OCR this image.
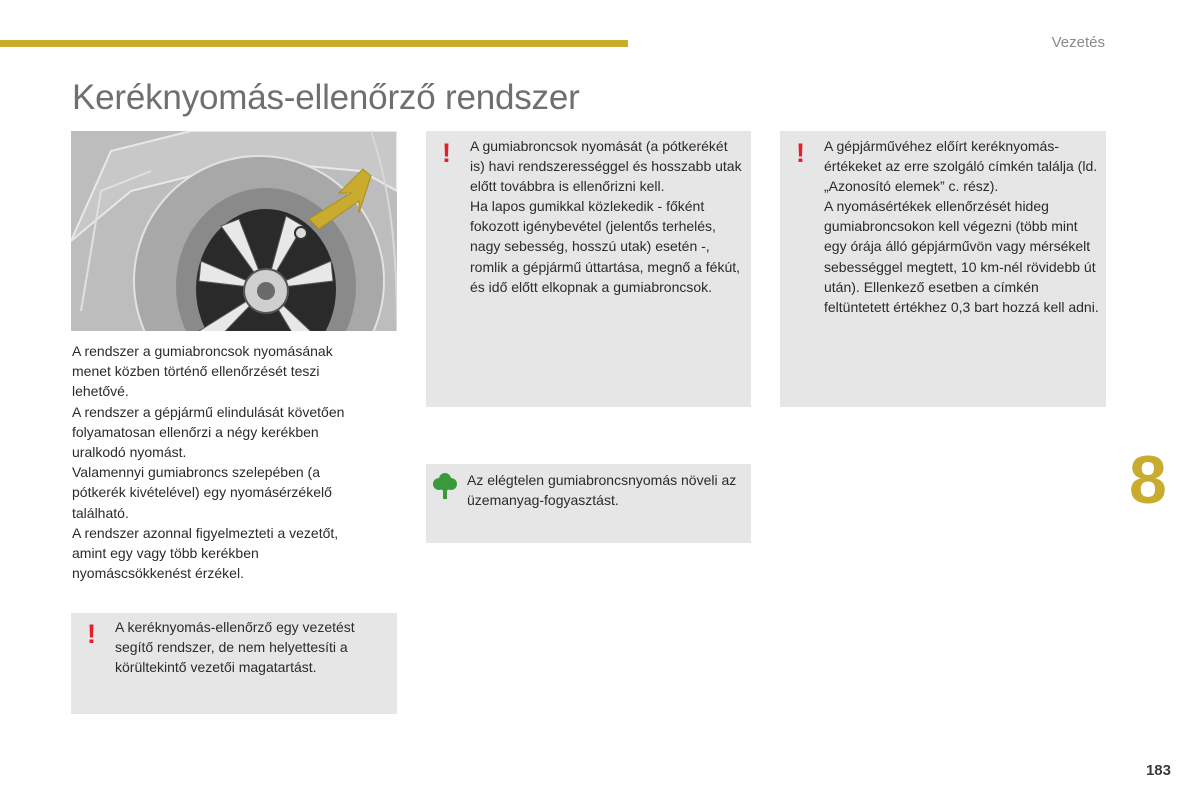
Vezetés
Keréknyomás-ellenőrző rendszer

A rendszer a gumiabroncsok nyomásának menet közben történő ellenőrzését teszi lehetővé.

A rendszer a gépjármű elindulását követően folyamatosan ellenőrzi a négy kerékben uralkodó nyomást.

Valamennyi gumiabroncs szelepében (a pótkerék kivételével) egy nyomásérzékelő található.

A rendszer azonnal figyelmezteti a vezetőt, amint egy vagy több kerékben nyomáscsökkenést érzékel.

! A keréknyomás-ellenőrző egy vezetést segítő rendszer, de nem helyettesíti a körültekintő vezetői magatartást.

! A gumiabroncsok nyomását (a pótkerékét is) havi rendszerességgel és hosszabb utak előtt továbbra is ellenőrizni kell.

Ha lapos gumikkal közlekedik - főként fokozott igénybevétel (jelentős terhelés, nagy sebesség, hosszú utak) esetén -, romlik a gépjármű úttartása, megnő a fékút, és idő előtt elkopnak a gumiabroncsok.

! A gépjárművéhez előírt keréknyomás-értékeket az erre szolgáló címkén találja (ld. „Azonosító elemek” c. rész).

A nyomásértékek ellenőrzését hideg gumiabroncsokon kell végezni (több mint egy órája álló gépjárművön vagy mérsékelt sebességgel megtett, 10 km-nél rövidebb út után). Ellenkező esetben a címkén feltüntetett értékhez 0,3 bart hozzá kell adni.

Az elégtelen gumiabroncsnyomás növeli az üzemanyag-fogyasztást.	8
183
